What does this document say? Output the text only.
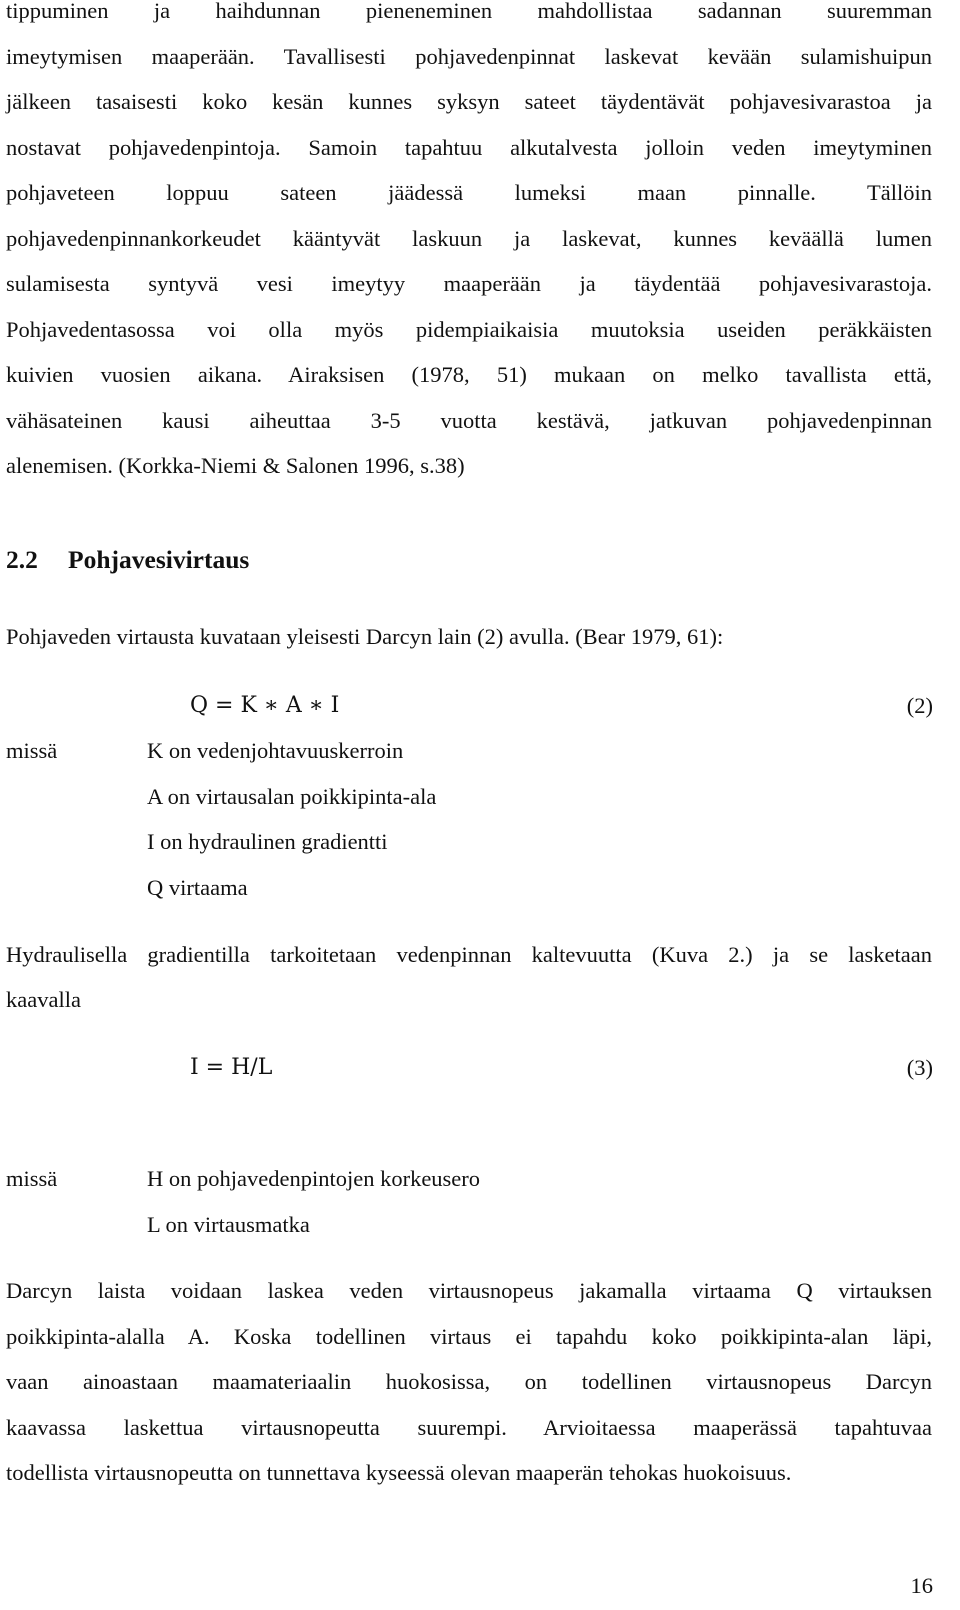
tippuminen ja haihdunnan pieneneminen mahdollistaa sadannan suuremman
imeytymisen maaperään. Tavallisesti pohjavedenpinnat laskevat kevään sulamishuipun
jälkeen tasaisesti koko kesän kunnes syksyn sateet täydentävät pohjavesivarastoa ja
nostavat pohjavedenpintoja. Samoin tapahtuu alkutalvesta jolloin veden imeytyminen
pohjaveteen loppuu sateen jäädessä lumeksi maan pinnalle. Tällöin
pohjavedenpinnankorkeudet kääntyvät laskuun ja laskevat, kunnes keväällä lumen
sulamisesta syntyvä vesi imeytyy maaperään ja täydentää pohjavesivarastoja.
Pohjavedentasossa voi olla myös pidempiaikaisia muutoksia useiden peräkkäisten
kuivien vuosien aikana. Airaksisen (1978, 51) mukaan on melko tavallista että,
vähäsateinen kausi aiheuttaa 3-5 vuotta kestävä, jatkuvan pohjavedenpinnan
alenemisen. (Korkka-Niemi & Salonen 1996, s.38)
2.2 Pohjavesivirtaus

Pohjaveden virtausta kuvataan yleisesti Darcyn lain (2) avulla. (Bear 1979, 61):

Q = K ∗ A ∗ I	(2)
missä	K on vedenjohtavuuskerroin
A on virtausalan poikkipinta-ala
I on hydraulinen gradientti
Q virtaama
Hydraulisella gradientilla tarkoitetaan vedenpinnan kaltevuutta (Kuva 2.) ja se lasketaan
kaavalla
I = H/L	(3)
missä	H on pohjavedenpintojen korkeusero
L on virtausmatka
Darcyn laista voidaan laskea veden virtausnopeus jakamalla virtaama Q virtauksen
poikkipinta-alalla A. Koska todellinen virtaus ei tapahdu koko poikkipinta-alan läpi,
vaan ainoastaan maamateriaalin huokosissa, on todellinen virtausnopeus Darcyn
kaavassa laskettua virtausnopeutta suurempi. Arvioitaessa maaperässä tapahtuvaa
todellista virtausnopeutta on tunnettava kyseessä olevan maaperän tehokas huokoisuus.
16
